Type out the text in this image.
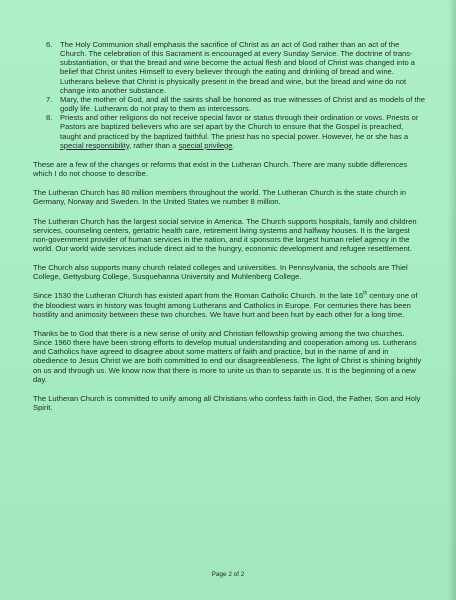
6. The Holy Communion shall emphasis the sacrifice of Christ as an act of God rather than an act of the Church. The celebration of this Sacrament is encouraged at every Sunday Service. The doctrine of trans-substantiation, or that the bread and wine become the actual flesh and blood of Christ was changed into a belief that Christ unites Himself to every believer through the eating and drinking of bread and wine. Lutherans believe that Christ is physically present in the bread and wine, but the bread and wine do not change into another substance.
7. Mary, the mother of God, and all the saints shall be honored as true witnesses of Christ and as models of the godly life. Lutherans do not pray to them as intercessors.
8. Priests and other religions do not receive special favor or status through their ordination or vows. Priests or Pastors are baptized believers who are set apart by the Church to ensure that the Gospel is preached, taught and practiced by the baptized faithful. The priest has no special power. However, he or she has a special responsibility, rather than a special privilege.

These are a few of the changes or reforms that exist in the Lutheran Church. There are many subtle differences which I do not choose to describe.

The Lutheran Church has 80 million members throughout the world. The Lutheran Church is the state church in Germany, Norway and Sweden. In the United States we number 8 million.

The Lutheran Church has the largest social service in America. The Church supports hospitals, family and children services, counseling centers, geriatric health care, retirement living systems and halfway houses. It is the largest non-government provider of human services in the nation, and it sponsors the largest human relief agency in the world. Our world wide services include direct aid to the hungry, economic development and refugee resettlement.

The Church also supports many church related colleges and universities. In Pennsylvania, the schools are Thiel College, Gettysburg College, Susquehanna University and Muhlenberg College.

Since 1530 the Lutheran Church has existed apart from the Roman Catholic Church. In the late 16th century one of the bloodiest wars in history was fought among Lutherans and Catholics in Europe. For centuries there has been hostility and animosity between these two churches. We have hurt and been hurt by each other for a long time.

Thanks be to God that there is a new sense of unity and Christian fellowship growing among the two churches. Since 1960 there have been strong efforts to develop mutual understanding and cooperation among us. Lutherans and Catholics have agreed to disagree about some matters of faith and practice, but in the name of and in obedience to Jesus Christ we are both committed to end our disagreeableness. The light of Christ is shining brightly on us and through us. We know now that there is more to unite us than to separate us. It is the beginning of a new day.

The Lutheran Church is committed to unify among all Christians who confess faith in God, the Father, Son and Holy Spirit.

Page 2 of 2
